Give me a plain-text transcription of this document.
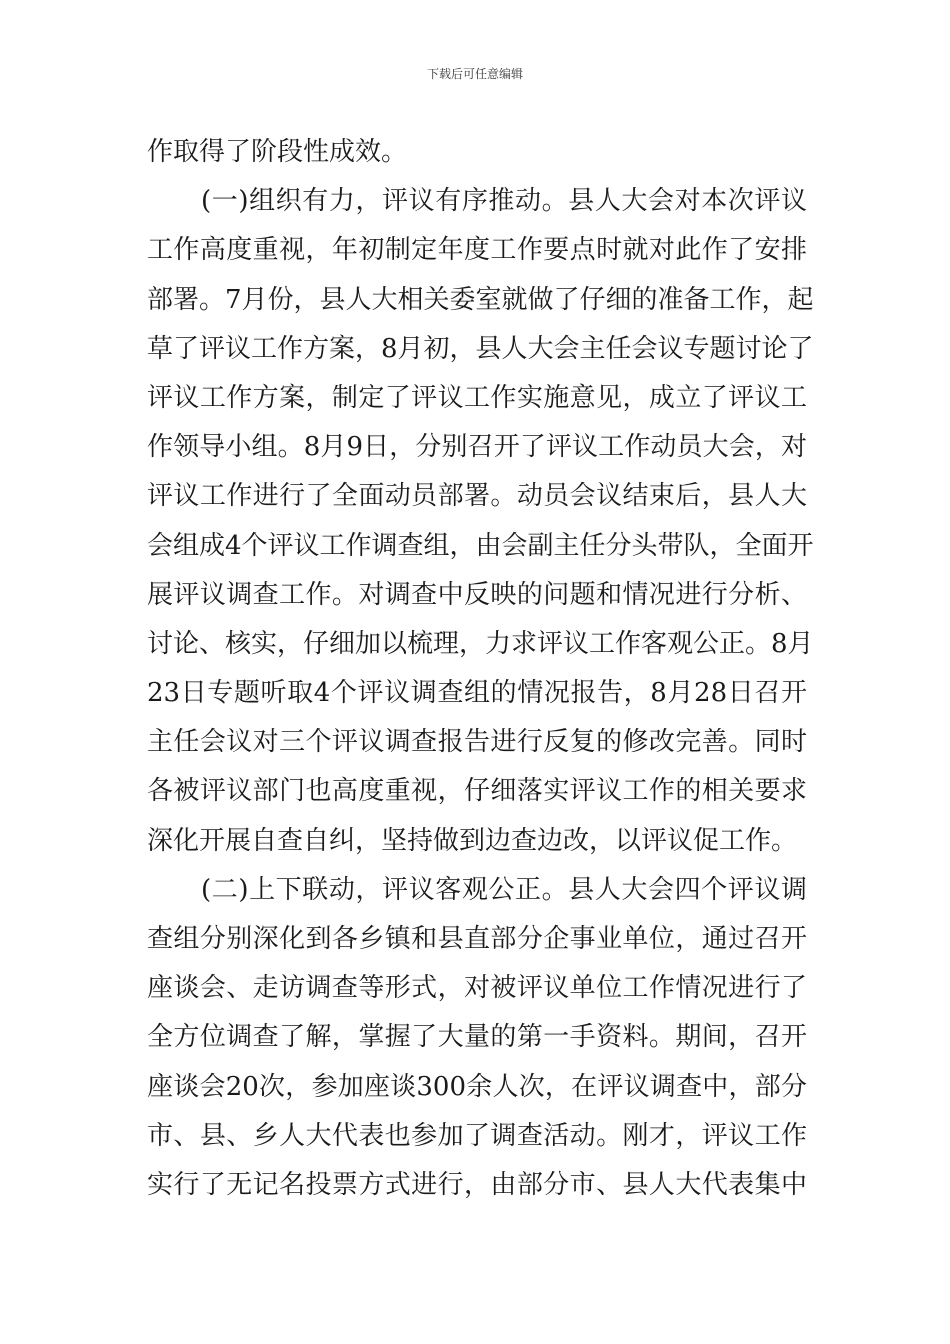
下载后可任意编辑
作取得了阶段性成效。
(一)组织有力，评议有序推动。县人大会对本次评议
工作高度重视，年初制定年度工作要点时就对此作了安排
部署。7月份，县人大相关委室就做了仔细的准备工作，起
草了评议工作方案，8月初，县人大会主任会议专题讨论了
评议工作方案，制定了评议工作实施意见，成立了评议工
作领导小组。8月9日，分别召开了评议工作动员大会，对
评议工作进行了全面动员部署。动员会议结束后，县人大
会组成4个评议工作调查组，由会副主任分头带队，全面开
展评议调查工作。对调查中反映的问题和情况进行分析、
讨论、核实，仔细加以梳理，力求评议工作客观公正。8月
23日专题听取4个评议调查组的情况报告，8月28日召开
主任会议对三个评议调查报告进行反复的修改完善。同时
各被评议部门也高度重视，仔细落实评议工作的相关要求
深化开展自查自纠，坚持做到边查边改，以评议促工作。
(二)上下联动，评议客观公正。县人大会四个评议调
查组分别深化到各乡镇和县直部分企事业单位，通过召开
座谈会、走访调查等形式，对被评议单位工作情况进行了
全方位调查了解，掌握了大量的第一手资料。期间，召开
座谈会20次，参加座谈300余人次，在评议调查中，部分
市、县、乡人大代表也参加了调查活动。刚才，评议工作
实行了无记名投票方式进行，由部分市、县人大代表集中
